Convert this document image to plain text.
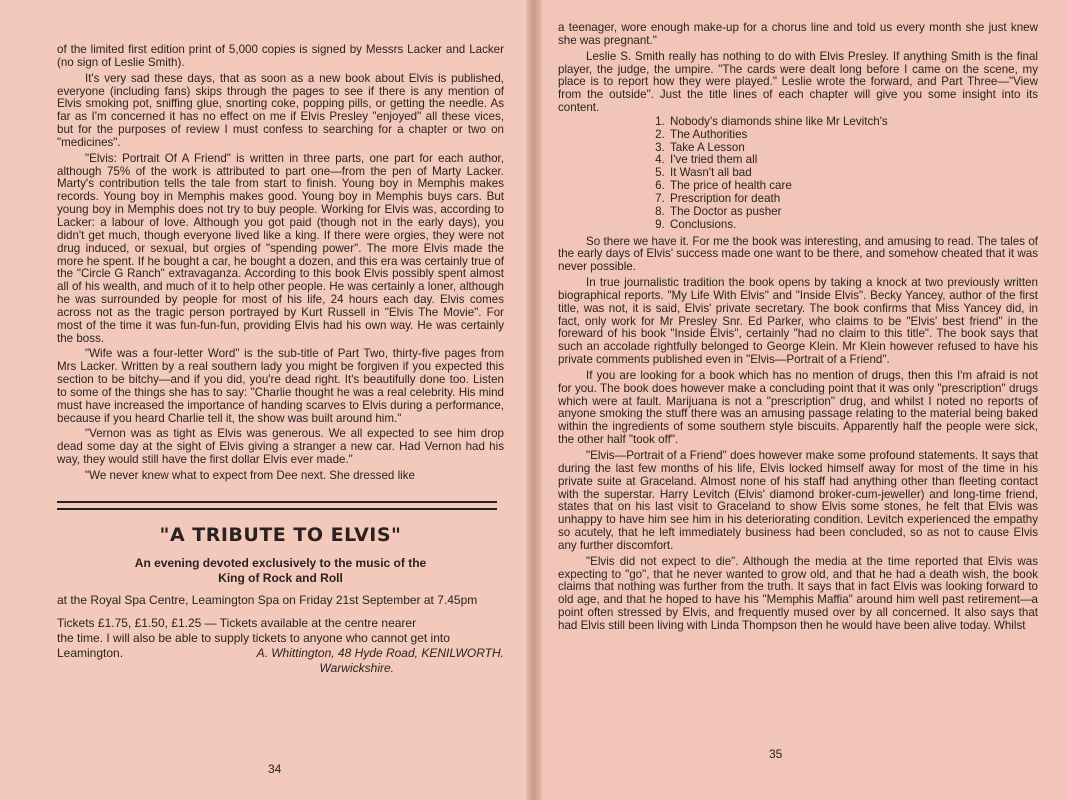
of the limited first edition print of 5,000 copies is signed by Messrs Lacker and Lacker (no sign of Leslie Smith).

It's very sad these days, that as soon as a new book about Elvis is published, everyone (including fans) skips through the pages to see if there is any mention of Elvis smoking pot, sniffing glue, snorting coke, popping pills, or getting the needle. As far as I'm concerned it has no effect on me if Elvis Presley "enjoyed" all these vices, but for the purposes of review I must confess to searching for a chapter or two on "medicines".

"Elvis: Portrait Of A Friend" is written in three parts, one part for each author, although 75% of the work is attributed to part one—from the pen of Marty Lacker. Marty's contribution tells the tale from start to finish. Young boy in Memphis makes records. Young boy in Memphis makes good. Young boy in Memphis buys cars. But young boy in Memphis does not try to buy people. Working for Elvis was, according to Lacker: a labour of love. Although you got paid (though not in the early days), you didn't get much, though everyone lived like a king. If there were orgies, they were not drug induced, or sexual, but orgies of "spending power". The more Elvis made the more he spent. If he bought a car, he bought a dozen, and this era was certainly true of the "Circle G Ranch" extravaganza. According to this book Elvis possibly spent almost all of his wealth, and much of it to help other people. He was certainly a loner, although he was surrounded by people for most of his life, 24 hours each day. Elvis comes across not as the tragic person portrayed by Kurt Russell in "Elvis The Movie". For most of the time it was fun-fun-fun, providing Elvis had his own way. He was certainly the boss.

"Wife was a four-letter Word" is the sub-title of Part Two, thirty-five pages from Mrs Lacker. Written by a real southern lady you might be forgiven if you expected this section to be bitchy—and if you did, you're dead right. It's beautifully done too. Listen to some of the things she has to say: "Charlie thought he was a real celebrity. His mind must have increased the importance of handing scarves to Elvis during a performance, because if you heard Charlie tell it, the show was built around him."

"Vernon was as tight as Elvis was generous. We all expected to see him drop dead some day at the sight of Elvis giving a stranger a new car. Had Vernon had his way, they would still have the first dollar Elvis ever made."

"We never knew what to expect from Dee next. She dressed like

"A TRIBUTE TO ELVIS"
An evening devoted exclusively to the music of the
King of Rock and Roll
at the Royal Spa Centre, Leamington Spa on Friday 21st September at 7.45pm
Tickets £1.75, £1.50, £1.25 — Tickets available at the centre nearer
the time. I will also be able to supply tickets to anyone who cannot get into
Leamington.	A. Whittington, 48 Hyde Road, KENILWORTH.
Warwickshire.
34

a teenager, wore enough make-up for a chorus line and told us every month she just knew she was pregnant."

Leslie S. Smith really has nothing to do with Elvis Presley. If anything Smith is the final player, the judge, the umpire. "The cards were dealt long before I came on the scene, my place is to report how they were played." Leslie wrote the forward, and Part Three—"View from the outside". Just the title lines of each chapter will give you some insight into its content.

1. Nobody's diamonds shine like Mr Levitch's
2. The Authorities
3. Take A Lesson
4. I've tried them all
5. It Wasn't all bad
6. The price of health care
7. Prescription for death
8. The Doctor as pusher
9. Conclusions.

So there we have it. For me the book was interesting, and amusing to read. The tales of the early days of Elvis' success made one want to be there, and somehow cheated that it was never possible.

In true journalistic tradition the book opens by taking a knock at two previously written biographical reports. "My Life With Elvis" and "Inside Elvis". Becky Yancey, author of the first title, was not, it is said, Elvis' private secretary. The book confirms that Miss Yancey did, in fact, only work for Mr Presley Snr. Ed Parker, who claims to be "Elvis' best friend" in the foreward of his book "Inside Elvis", certainly "had no claim to this title". The book says that such an accolade rightfully belonged to George Klein. Mr Klein however refused to have his private comments published even in "Elvis—Portrait of a Friend".

If you are looking for a book which has no mention of drugs, then this I'm afraid is not for you. The book does however make a concluding point that it was only "prescription" drugs which were at fault. Marijuana is not a "prescription" drug, and whilst I noted no reports of anyone smoking the stuff there was an amusing passage relating to the material being baked within the ingredients of some southern style biscuits. Apparently half the people were sick, the other half "took off".

"Elvis—Portrait of a Friend" does however make some profound statements. It says that during the last few months of his life, Elvis locked himself away for most of the time in his private suite at Graceland. Almost none of his staff had anything other than fleeting contact with the superstar. Harry Levitch (Elvis' diamond broker-cum-jeweller) and long-time friend, states that on his last visit to Graceland to show Elvis some stones, he felt that Elvis was unhappy to have him see him in his deteriorating condition. Levitch experienced the empathy so acutely, that he left immediately business had been concluded, so as not to cause Elvis any further discomfort.

"Elvis did not expect to die". Although the media at the time reported that Elvis was expecting to "go", that he never wanted to grow old, and that he had a death wish, the book claims that nothing was further from the truth. It says that in fact Elvis was looking forward to old age, and that he hoped to have his "Memphis Maffia" around him well past retirement—a point often stressed by Elvis, and frequently mused over by all concerned. It also says that had Elvis still been living with Linda Thompson then he would have been alive today. Whilst

35
